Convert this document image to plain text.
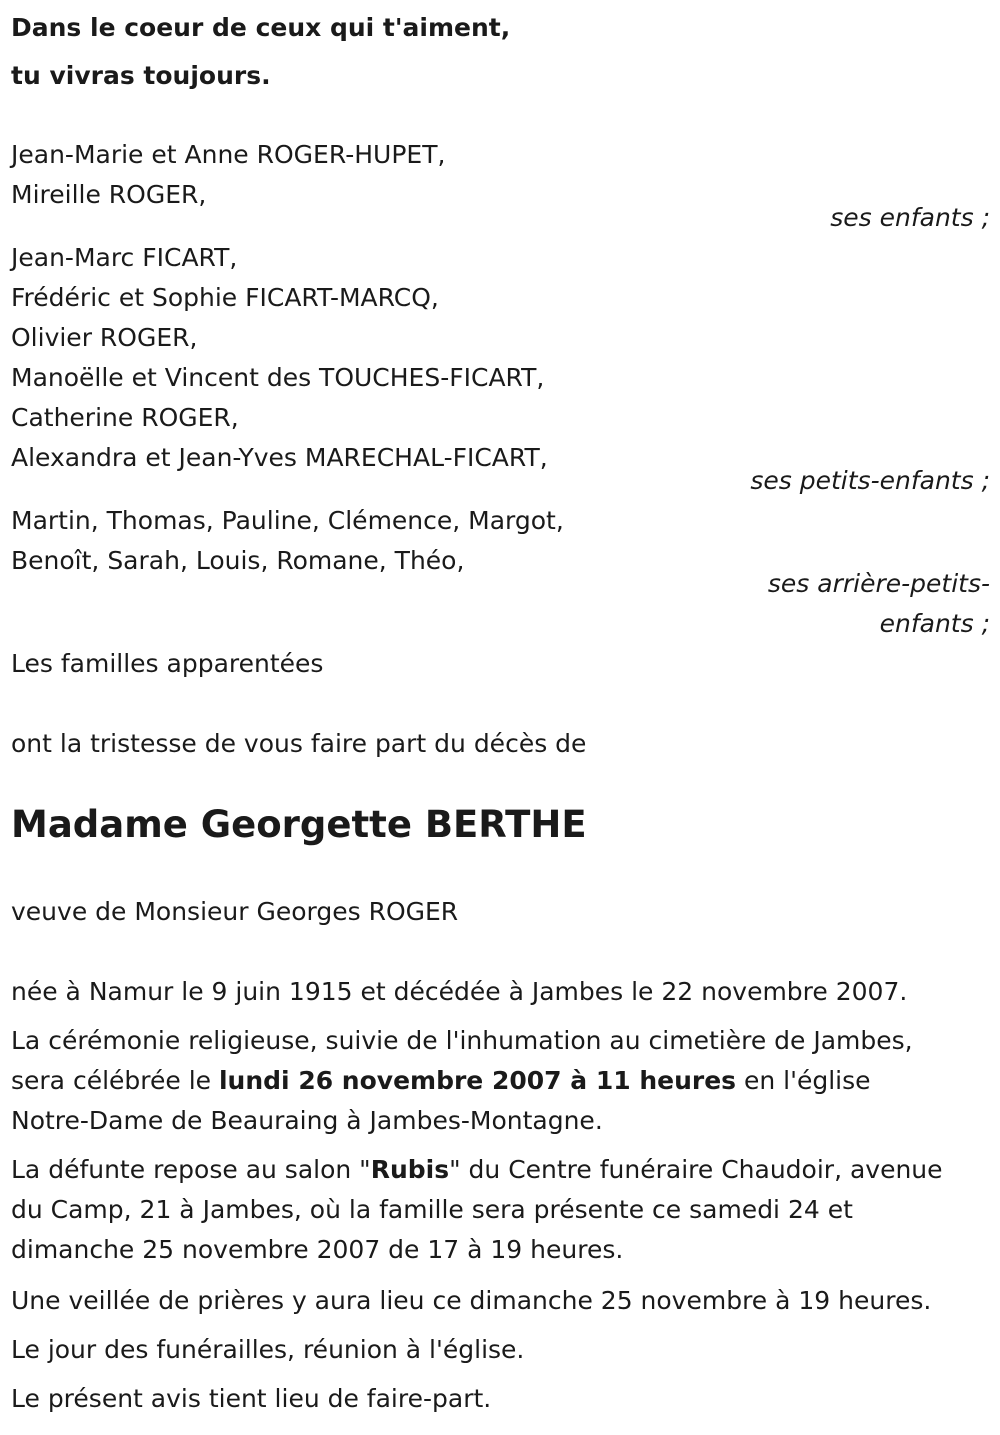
Dans le coeur de ceux qui t'aiment,
tu vivras toujours.
Jean-Marie et Anne ROGER-HUPET,
Mireille ROGER,
ses enfants ;
Jean-Marc FICART,
Frédéric et Sophie FICART-MARCQ,
Olivier ROGER,
Manoëlle et Vincent des TOUCHES-FICART,
Catherine ROGER,
Alexandra et Jean-Yves MARECHAL-FICART,
ses petits-enfants ;
Martin, Thomas, Pauline, Clémence, Margot,
Benoît, Sarah, Louis, Romane, Théo,
ses arrière-petits-
enfants ;
Les familles apparentées
ont la tristesse de vous faire part du décès de
Madame Georgette BERTHE
veuve de Monsieur Georges ROGER
née à Namur le 9 juin 1915 et décédée à Jambes le 22 novembre 2007.
La cérémonie religieuse, suivie de l'inhumation au cimetière de Jambes,
sera célébrée le lundi 26 novembre 2007 à 11 heures en l'église
Notre-Dame de Beauraing à Jambes-Montagne.
La défunte repose au salon "Rubis" du Centre funéraire Chaudoir, avenue
du Camp, 21 à Jambes, où la famille sera présente ce samedi 24 et
dimanche 25 novembre 2007 de 17 à 19 heures.
Une veillée de prières y aura lieu ce dimanche 25 novembre à 19 heures.
Le jour des funérailles, réunion à l'église.
Le présent avis tient lieu de faire-part.
